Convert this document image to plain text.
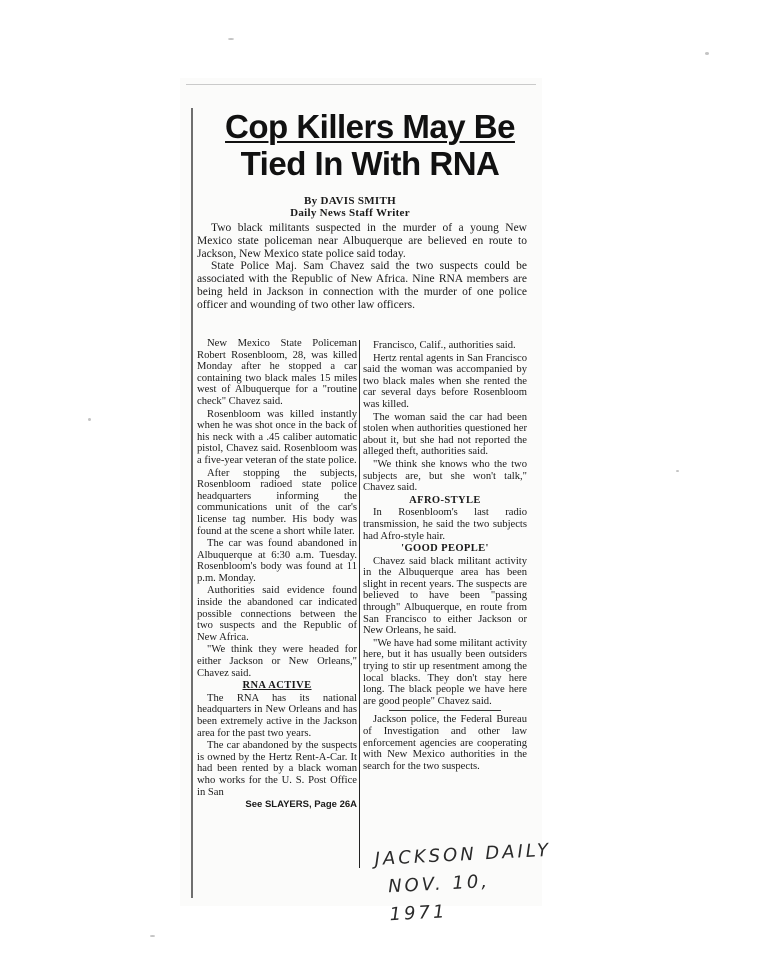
Cop Killers May Be
Tied In With RNA
By DAVIS SMITH
Daily News Staff Writer

Two black militants suspected in the murder of a young New Mexico state policeman near Albuquerque are believed en route to Jackson, New Mexico state police said today.

State Police Maj. Sam Chavez said the two suspects could be associated with the Republic of New Africa. Nine RNA members are being held in Jackson in connection with the murder of one police officer and wounding of two other law officers.

New Mexico State Policeman Robert Rosenbloom, 28, was killed Monday after he stopped a car containing two black males 15 miles west of Albuquerque for a "routine check" Chavez said.

Rosenbloom was killed instantly when he was shot once in the back of his neck with a .45 caliber automatic pistol, Chavez said. Rosenbloom was a five-year veteran of the state police.

After stopping the subjects, Rosenbloom radioed state police headquarters informing the communications unit of the car's license tag number. His body was found at the scene a short while later.

The car was found abandoned in Albuquerque at 6:30 a.m. Tuesday. Rosenbloom's body was found at 11 p.m. Monday.

Authorities said evidence found inside the abandoned car indicated possible connections between the two suspects and the Republic of New Africa.

"We think they were headed for either Jackson or New Orleans," Chavez said.

RNA ACTIVE

The RNA has its national headquarters in New Orleans and has been extremely active in the Jackson area for the past two years.

The car abandoned by the suspects is owned by the Hertz Rent-A-Car. It had been rented by a black woman who works for the U. S. Post Office in San

See SLAYERS, Page 26A

Francisco, Calif., authorities said.

Hertz rental agents in San Francisco said the woman was accompanied by two black males when she rented the car several days before Rosenbloom was killed.

The woman said the car had been stolen when authorities questioned her about it, but she had not reported the alleged theft, authorities said.

"We think she knows who the two subjects are, but she won't talk," Chavez said.

AFRO-STYLE

In Rosenbloom's last radio transmission, he said the two subjects had Afro-style hair.

'GOOD PEOPLE'

Chavez said black militant activity in the Albuquerque area has been slight in recent years. The suspects are believed to have been "passing through" Albuquerque, en route from San Francisco to either Jackson or New Orleans, he said.

"We have had some militant activity here, but it has usually been outsiders trying to stir up resentment among the local blacks. They don't stay here long. The black people we have here are good people" Chavez said.

Jackson police, the Federal Bureau of Investigation and other law enforcement agencies are cooperating with New Mexico authorities in the search for the two suspects.

JACKSON DAILY
NOV. 10, 1971
